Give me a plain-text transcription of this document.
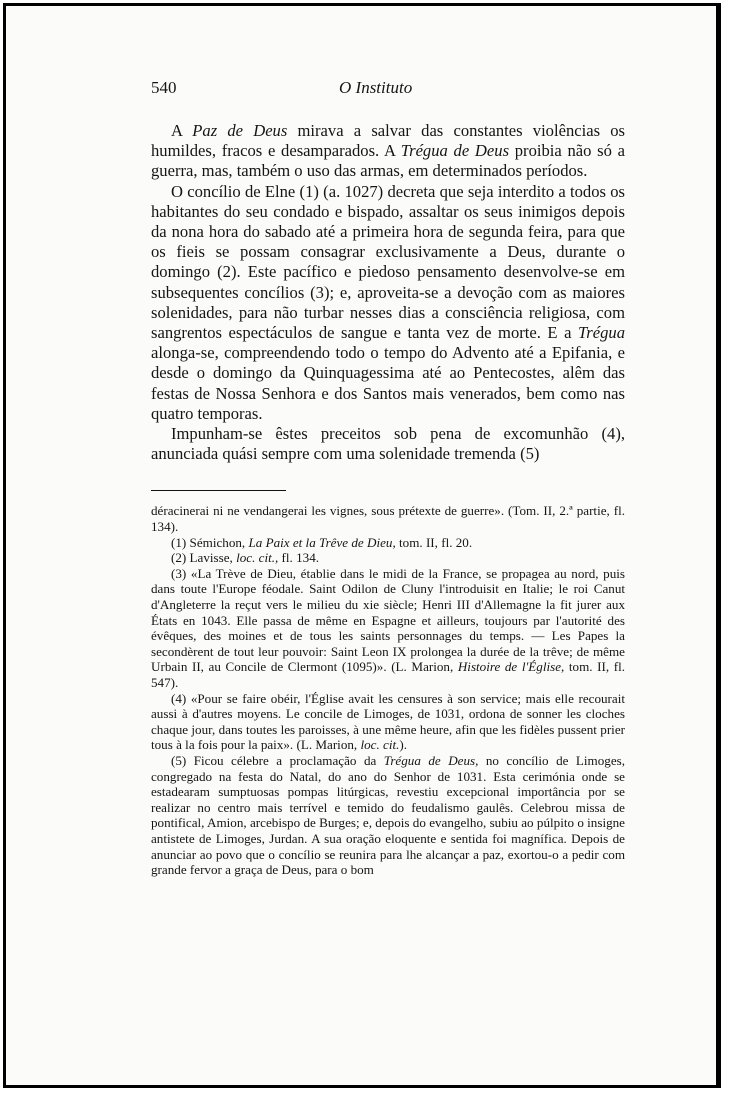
540	O Instituto

A Paz de Deus mirava a salvar das constantes violências os humildes, fracos e desamparados. A Trégua de Deus proibia não só a guerra, mas, também o uso das armas, em determinados períodos.

O concílio de Elne (1) (a. 1027) decreta que seja interdito a todos os habitantes do seu condado e bispado, assaltar os seus inimigos depois da nona hora do sabado até a primeira hora de segunda feira, para que os fieis se possam consagrar exclusivamente a Deus, durante o domingo (2). Este pacífico e piedoso pensamento desenvolve-se em subsequentes concílios (3); e, aproveita-se a devoção com as maiores solenidades, para não turbar nesses dias a consciência religiosa, com sangrentos espectáculos de sangue e tanta vez de morte. E a Trégua alonga-se, compreendendo todo o tempo do Advento até a Epifania, e desde o domingo da Quinquagessima até ao Pentecostes, alêm das festas de Nossa Senhora e dos Santos mais venerados, bem como nas quatro temporas.

Impunham-se êstes preceitos sob pena de excomunhão (4), anunciada quási sempre com uma solenidade tremenda (5)

déracinerai ni ne vendangerai les vignes, sous prétexte de guerre». (Tom. II, 2.ª partie, fl. 134).

(1) Sémichon, La Paix et la Trêve de Dieu, tom. II, fl. 20.

(2) Lavisse, loc. cit., fl. 134.

(3) «La Trève de Dieu, établie dans le midi de la France, se propagea au nord, puis dans toute l'Europe féodale. Saint Odilon de Cluny l'introduisit en Italie; le roi Canut d'Angleterre la reçut vers le milieu du xie siècle; Henri III d'Allemagne la fit jurer aux États en 1043. Elle passa de même en Espagne et ailleurs, toujours par l'autorité des évêques, des moines et de tous les saints personnages du temps. — Les Papes la secondèrent de tout leur pouvoir: Saint Leon IX prolongea la durée de la trêve; de même Urbain II, au Concile de Clermont (1095)». (L. Marion, Histoire de l'Église, tom. II, fl. 547).

(4) «Pour se faire obéir, l'Église avait les censures à son service; mais elle recourait aussi à d'autres moyens. Le concile de Limoges, de 1031, ordona de sonner les cloches chaque jour, dans toutes les paroisses, à une même heure, afin que les fidèles pussent prier tous à la fois pour la paix». (L. Marion, loc. cit.).

(5) Ficou célebre a proclamação da Trégua de Deus, no concílio de Limoges, congregado na festa do Natal, do ano do Senhor de 1031. Esta cerimónia onde se estadearam sumptuosas pompas litúrgicas, revestiu excepcional importância por se realizar no centro mais terrível e temido do feudalismo gaulês. Celebrou missa de pontifical, Amion, arcebispo de Burges; e, depois do evangelho, subiu ao púlpito o insigne antistete de Limoges, Jurdan. A sua oração eloquente e sentida foi magnífica. Depois de anunciar ao povo que o concílio se reunira para lhe alcançar a paz, exortou-o a pedir com grande fervor a graça de Deus, para o bom
